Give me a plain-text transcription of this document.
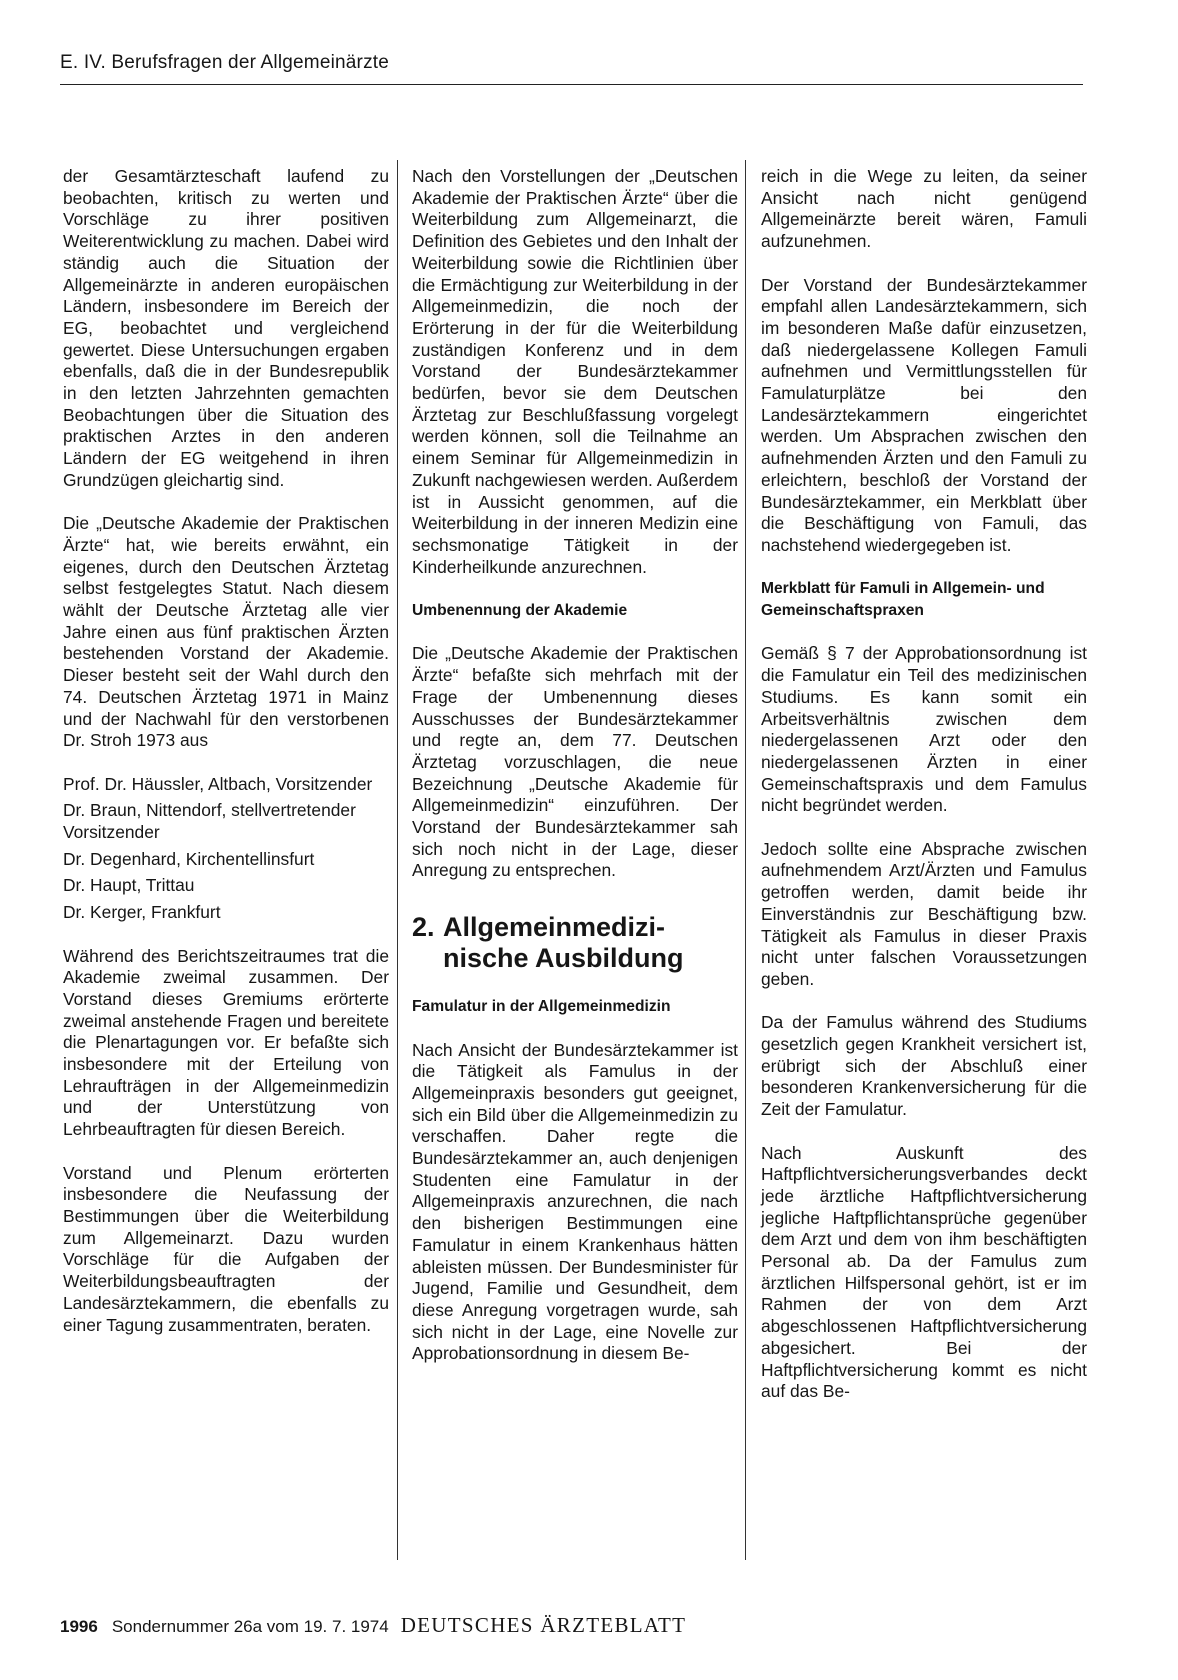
E. IV. Berufsfragen der Allgemeinärzte

der Gesamtärzteschaft laufend zu beobachten, kritisch zu werten und Vorschläge zu ihrer positiven Weiterentwicklung zu machen. Dabei wird ständig auch die Situation der Allgemeinärzte in anderen europäischen Ländern, insbesondere im Bereich der EG, beobachtet und vergleichend gewertet. Diese Untersuchungen ergaben ebenfalls, daß die in der Bundesrepublik in den letzten Jahrzehnten gemachten Beobachtungen über die Situation des praktischen Arztes in den anderen Ländern der EG weitgehend in ihren Grundzügen gleichartig sind.

Die „Deutsche Akademie der Praktischen Ärzte“ hat, wie bereits erwähnt, ein eigenes, durch den Deutschen Ärztetag selbst festgelegtes Statut. Nach diesem wählt der Deutsche Ärztetag alle vier Jahre einen aus fünf praktischen Ärzten bestehenden Vorstand der Akademie. Dieser besteht seit der Wahl durch den 74. Deutschen Ärztetag 1971 in Mainz und der Nachwahl für den verstorbenen Dr. Stroh 1973 aus

Prof. Dr. Häussler, Altbach, Vorsitzender
Dr. Braun, Nittendorf, stellvertretender Vorsitzender
Dr. Degenhard, Kirchentellinsfurt
Dr. Haupt, Trittau
Dr. Kerger, Frankfurt

Während des Berichtszeitraumes trat die Akademie zweimal zusammen. Der Vorstand dieses Gremiums erörterte zweimal anstehende Fragen und bereitete die Plenartagungen vor. Er befaßte sich insbesondere mit der Erteilung von Lehraufträgen in der Allgemeinmedizin und der Unterstützung von Lehrbeauftragten für diesen Bereich.

Vorstand und Plenum erörterten insbesondere die Neufassung der Bestimmungen über die Weiterbildung zum Allgemeinarzt. Dazu wurden Vorschläge für die Aufgaben der Weiterbildungsbeauftragten der Landesärztekammern, die ebenfalls zu einer Tagung zusammentraten, beraten.

Nach den Vorstellungen der „Deutschen Akademie der Praktischen Ärzte“ über die Weiterbildung zum Allgemeinarzt, die Definition des Gebietes und den Inhalt der Weiterbildung sowie die Richtlinien über die Ermächtigung zur Weiterbildung in der Allgemeinmedizin, die noch der Erörterung in der für die Weiterbildung zuständigen Konferenz und in dem Vorstand der Bundesärztekammer bedürfen, bevor sie dem Deutschen Ärztetag zur Beschlußfassung vorgelegt werden können, soll die Teilnahme an einem Seminar für Allgemeinmedizin in Zukunft nachgewiesen werden. Außerdem ist in Aussicht genommen, auf die Weiterbildung in der inneren Medizin eine sechsmonatige Tätigkeit in der Kinderheilkunde anzurechnen.

Umbenennung der Akademie

Die „Deutsche Akademie der Praktischen Ärzte“ befaßte sich mehrfach mit der Frage der Umbenennung dieses Ausschusses der Bundesärztekammer und regte an, dem 77. Deutschen Ärztetag vorzuschlagen, die neue Bezeichnung „Deutsche Akademie für Allgemeinmedizin“ einzuführen. Der Vorstand der Bundesärztekammer sah sich noch nicht in der Lage, dieser Anregung zu entsprechen.

2. Allgemeinmedizi-
nische Ausbildung
Famulatur in der Allgemeinmedizin

Nach Ansicht der Bundesärztekammer ist die Tätigkeit als Famulus in der Allgemeinpraxis besonders gut geeignet, sich ein Bild über die Allgemeinmedizin zu verschaffen. Daher regte die Bundesärztekammer an, auch denjenigen Studenten eine Famulatur in der Allgemeinpraxis anzurechnen, die nach den bisherigen Bestimmungen eine Famulatur in einem Krankenhaus hätten ableisten müssen. Der Bundesminister für Jugend, Familie und Gesundheit, dem diese Anregung vorgetragen wurde, sah sich nicht in der Lage, eine Novelle zur Approbationsordnung in diesem Be-

reich in die Wege zu leiten, da seiner Ansicht nach nicht genügend Allgemeinärzte bereit wären, Famuli aufzunehmen.

Der Vorstand der Bundesärztekammer empfahl allen Landesärztekammern, sich im besonderen Maße dafür einzusetzen, daß niedergelassene Kollegen Famuli aufnehmen und Vermittlungsstellen für Famulaturplätze bei den Landesärztekammern eingerichtet werden. Um Absprachen zwischen den aufnehmenden Ärzten und den Famuli zu erleichtern, beschloß der Vorstand der Bundesärztekammer, ein Merkblatt über die Beschäftigung von Famuli, das nachstehend wiedergegeben ist.

Merkblatt für Famuli in Allgemein- und Gemeinschaftspraxen

Gemäß § 7 der Approbationsordnung ist die Famulatur ein Teil des medizinischen Studiums. Es kann somit ein Arbeitsverhältnis zwischen dem niedergelassenen Arzt oder den niedergelassenen Ärzten in einer Gemeinschaftspraxis und dem Famulus nicht begründet werden.

Jedoch sollte eine Absprache zwischen aufnehmendem Arzt/Ärzten und Famulus getroffen werden, damit beide ihr Einverständnis zur Beschäftigung bzw. Tätigkeit als Famulus in dieser Praxis nicht unter falschen Voraussetzungen geben.

Da der Famulus während des Studiums gesetzlich gegen Krankheit versichert ist, erübrigt sich der Abschluß einer besonderen Krankenversicherung für die Zeit der Famulatur.

Nach Auskunft des Haftpflichtversicherungsverbandes deckt jede ärztliche Haftpflichtversicherung jegliche Haftpflichtansprüche gegenüber dem Arzt und dem von ihm beschäftigten Personal ab. Da der Famulus zum ärztlichen Hilfspersonal gehört, ist er im Rahmen der von dem Arzt abgeschlossenen Haftpflichtversicherung abgesichert. Bei der Haftpflichtversicherung kommt es nicht auf das Be-

1996 Sondernummer 26a vom 19. 7. 1974 DEUTSCHES ÄRZTEBLATT
